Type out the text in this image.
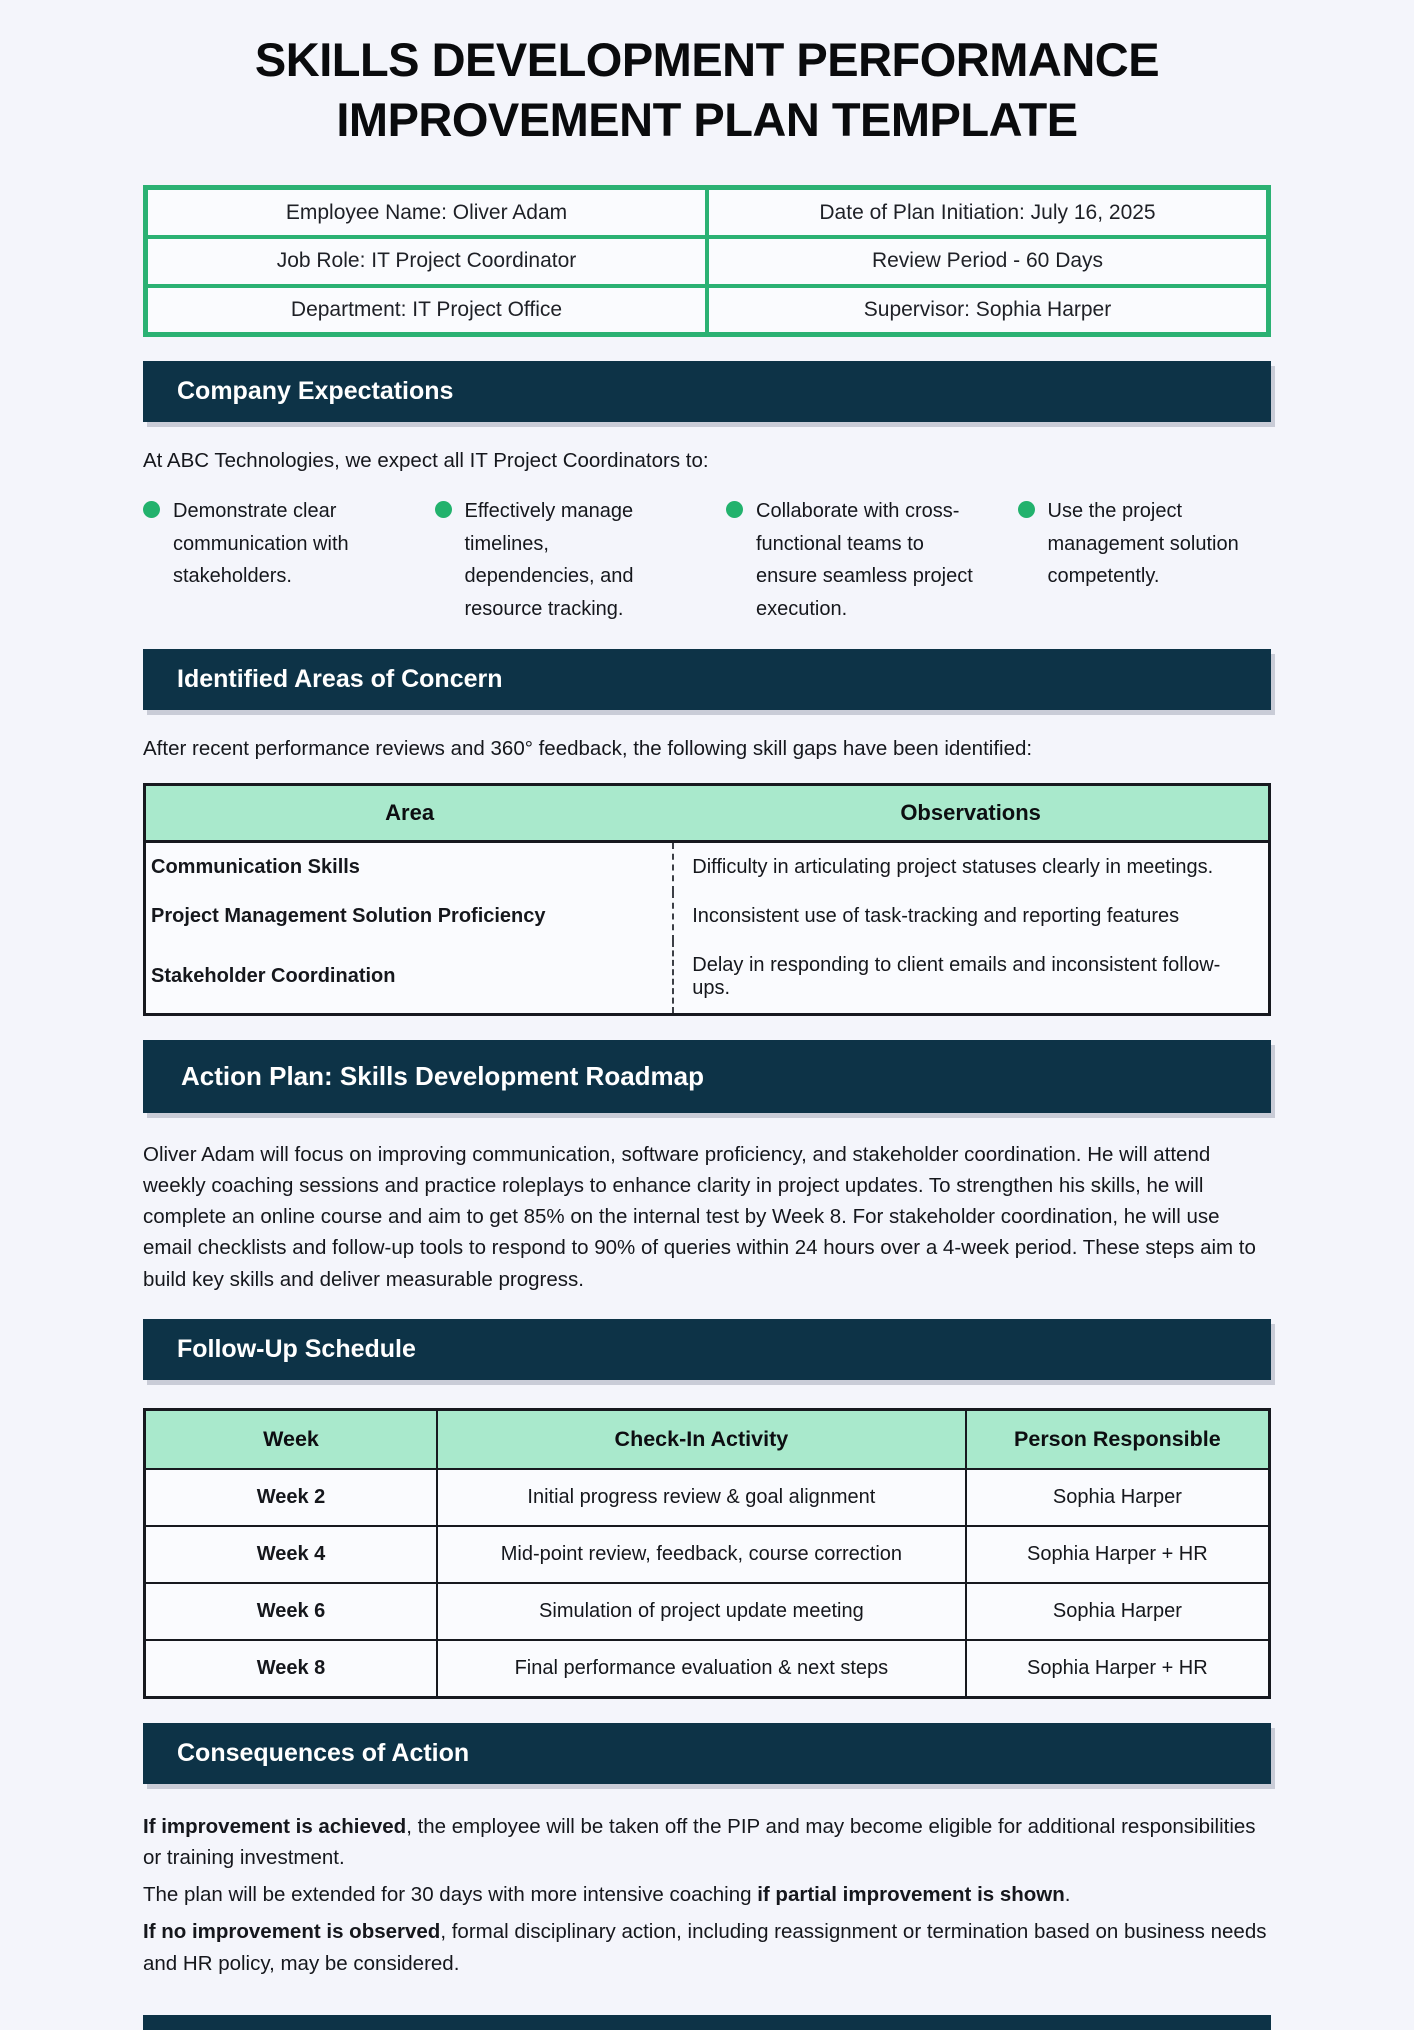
SKILLS DEVELOPMENT PERFORMANCE
IMPROVEMENT PLAN TEMPLATE
Employee Name: Oliver Adam	Date of Plan Initiation: July 16, 2025
Job Role: IT Project Coordinator	Review Period - 60 Days
Department: IT Project Office	Supervisor: Sophia Harper
Company Expectations

At ABC Technologies, we expect all IT Project Coordinators to:

Demonstrate clear communication with stakeholders.
Effectively manage timelines, dependencies, and resource tracking.
Collaborate with cross-functional teams to ensure seamless project execution.
Use the project management solution competently.
Identified Areas of Concern

After recent performance reviews and 360° feedback, the following skill gaps have been identified:

Area	Observations
Communication Skills	Difficulty in articulating project statuses clearly in meetings.
Project Management Solution Proficiency	Inconsistent use of task-tracking and reporting features
Stakeholder Coordination	Delay in responding to client emails and inconsistent follow-ups.
Action Plan: Skills Development Roadmap

Oliver Adam will focus on improving communication, software proficiency, and stakeholder coordination. He will attend weekly coaching sessions and practice roleplays to enhance clarity in project updates. To strengthen his skills, he will complete an online course and aim to get 85% on the internal test by Week 8. For stakeholder coordination, he will use email checklists and follow-up tools to respond to 90% of queries within 24 hours over a 4-week period. These steps aim to build key skills and deliver measurable progress.

Follow-Up Schedule
Week	Check-In Activity	Person Responsible
Week 2	Initial progress review & goal alignment	Sophia Harper
Week 4	Mid-point review, feedback, course correction	Sophia Harper + HR
Week 6	Simulation of project update meeting	Sophia Harper
Week 8	Final performance evaluation & next steps	Sophia Harper + HR
Consequences of Action

If improvement is achieved, the employee will be taken off the PIP and may become eligible for additional responsibilities or training investment.

The plan will be extended for 30 days with more intensive coaching if partial improvement is shown.

If no improvement is observed, formal disciplinary action, including reassignment or termination based on business needs and HR policy, may be considered.
